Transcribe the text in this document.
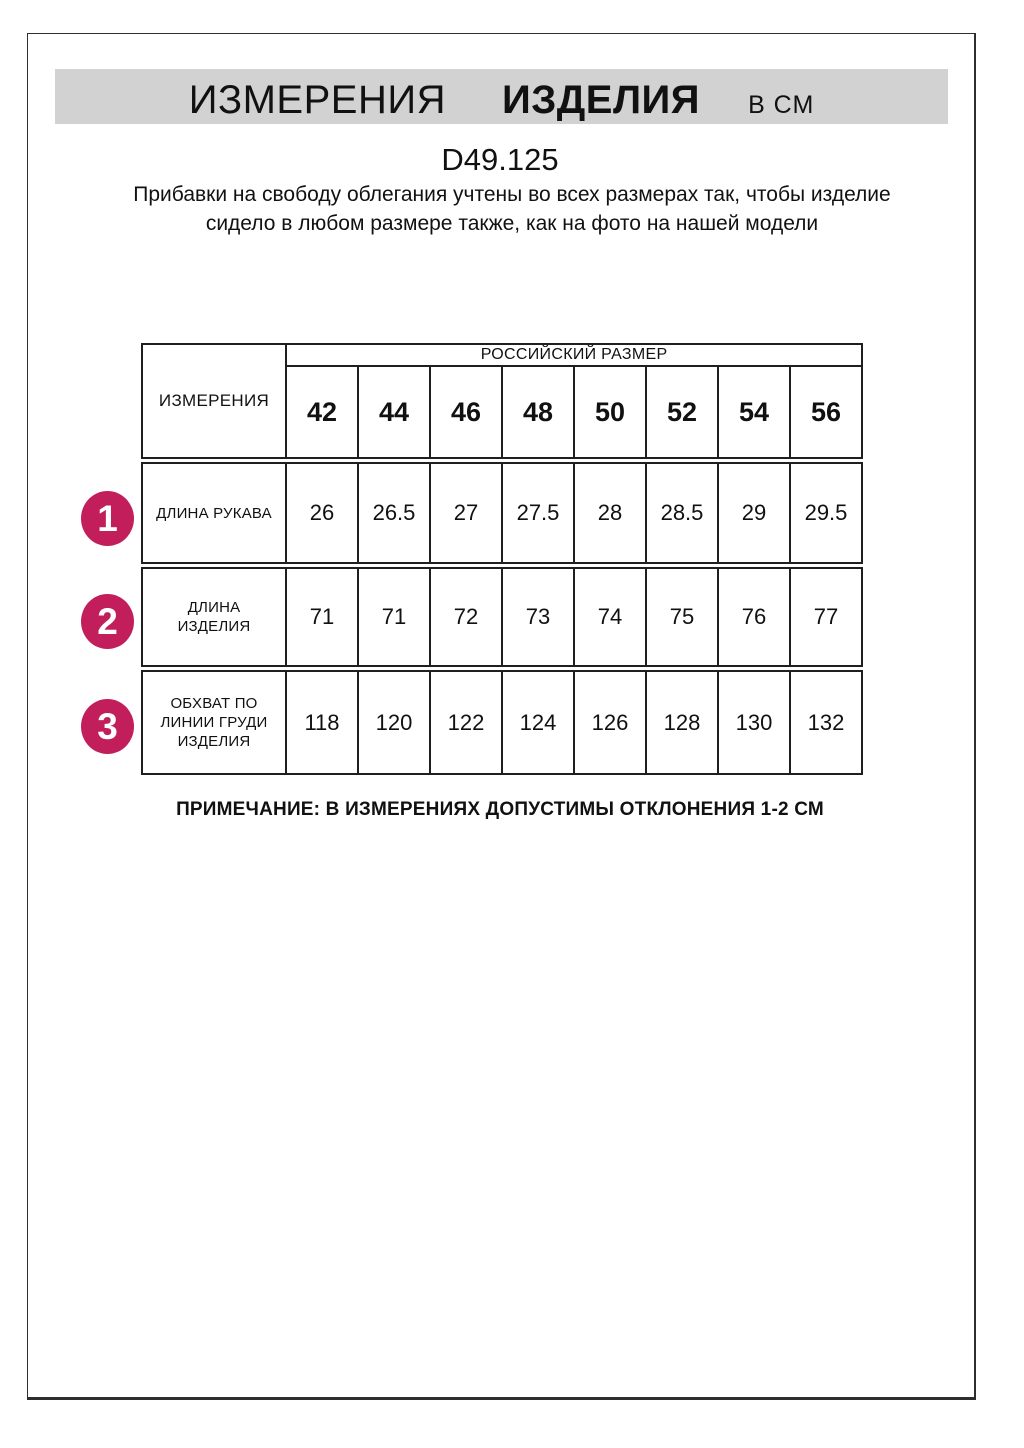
ИЗМЕРЕНИЯ ИЗДЕЛИЯ В СМ
D49.125
Прибавки на свободу облегания учтены во всех размерах так, чтобы изделие сидело в любом размере также, как на фото на нашей модели
ИЗМЕРЕНИЯ	РОССИЙСКИЙ РАЗМЕР							
	42	44	46	48	50	52	54	56
ДЛИНА РУКАВА	26	26.5	27	27.5	28	28.5	29	29.5
ДЛИНА
ИЗДЕЛИЯ	71	71	72	73	74	75	76	77
ОБХВАТ ПО
ЛИНИИ ГРУДИ
ИЗДЕЛИЯ
	118	120	122	124	126	128	130	132
1
2
3
ПРИМЕЧАНИЕ: В ИЗМЕРЕНИЯХ ДОПУСТИМЫ ОТКЛОНЕНИЯ 1-2 СМ
